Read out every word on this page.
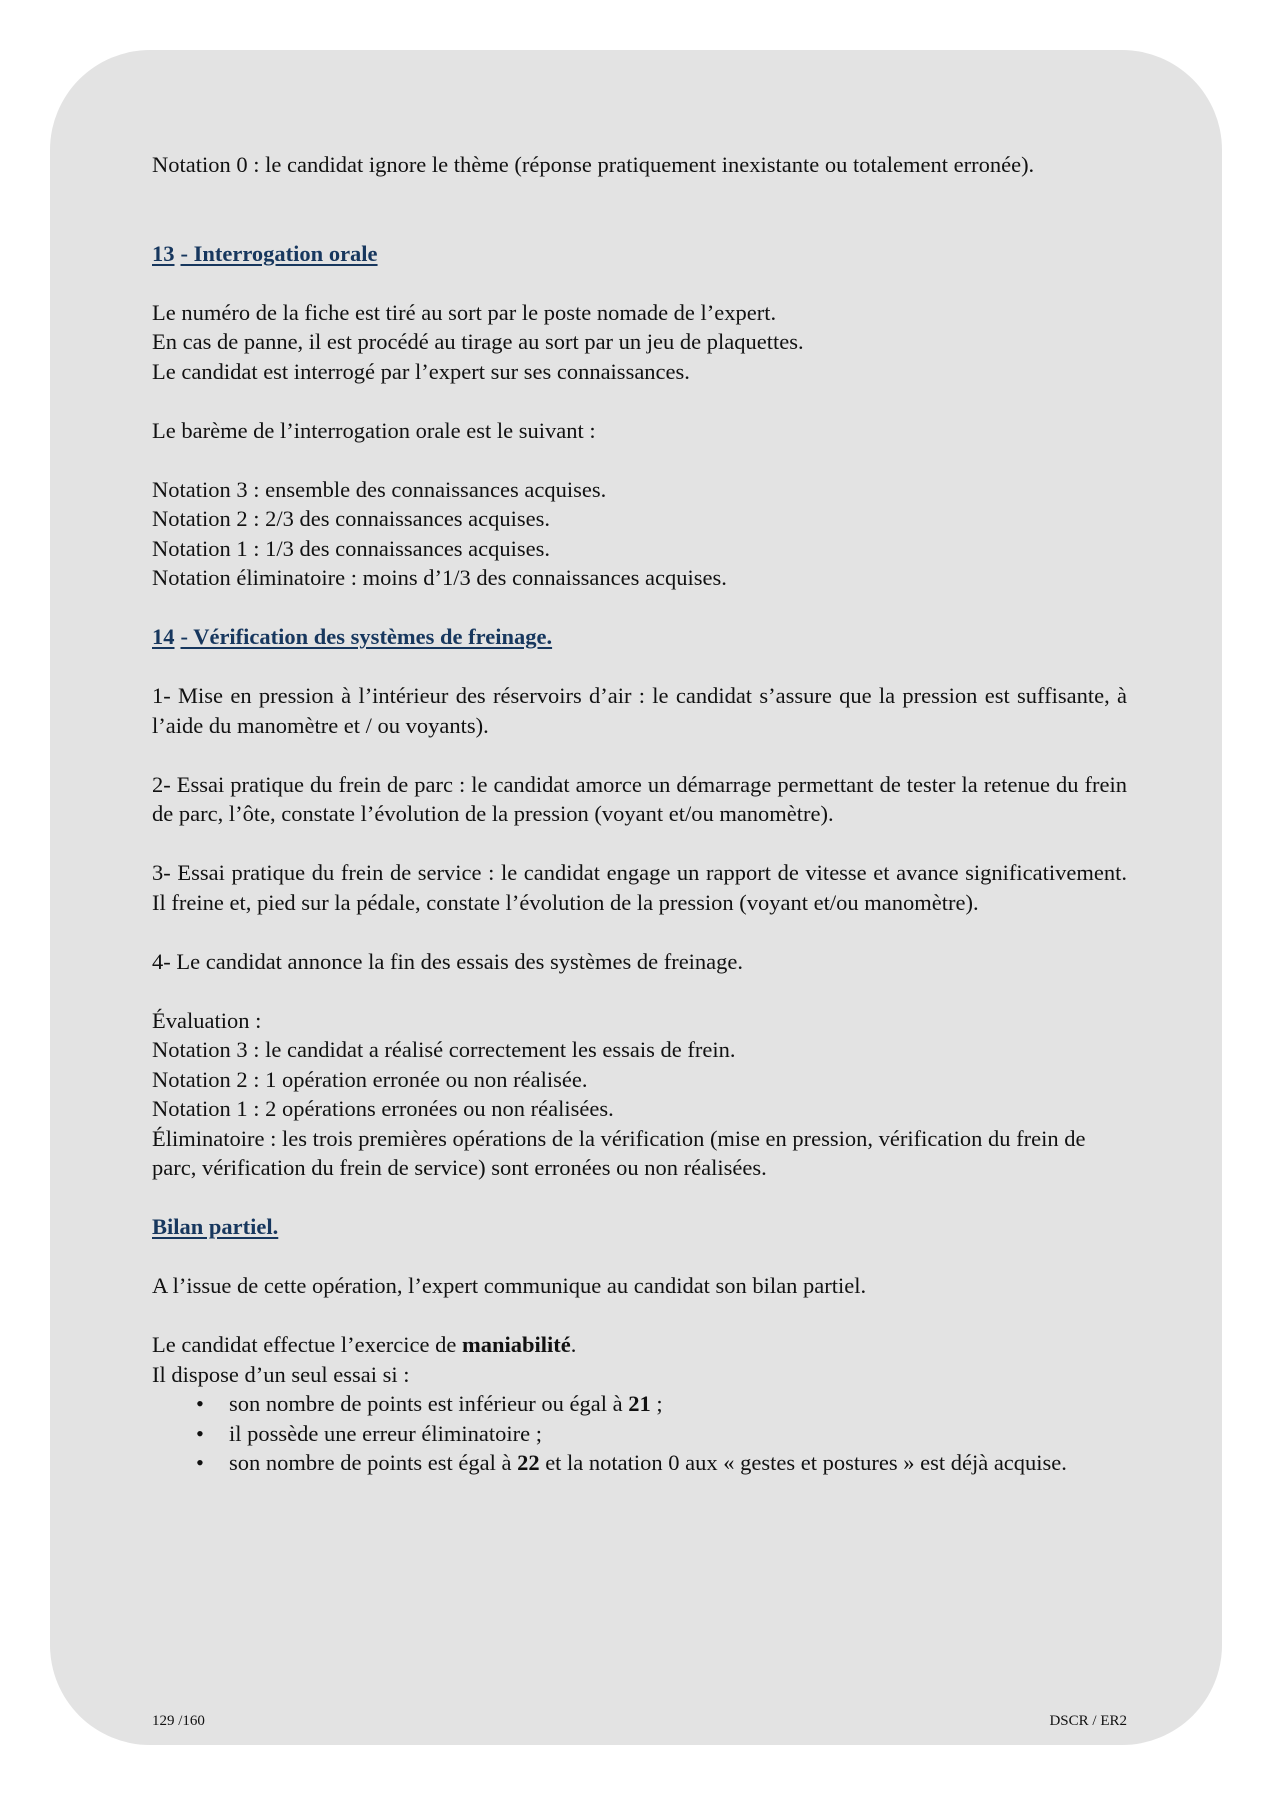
Notation 0 : le candidat ignore le thème (réponse pratiquement inexistante ou totalement erronée).

13 - Interrogation orale

Le numéro de la fiche est tiré au sort par le poste nomade de l’expert.

En cas de panne, il est procédé au tirage au sort par un jeu de plaquettes.

Le candidat est interrogé par l’expert sur ses connaissances.

Le barème de l’interrogation orale est le suivant :

Notation 3 : ensemble des connaissances acquises.

Notation 2 : 2/3 des connaissances acquises.

Notation 1 : 1/3 des connaissances acquises.

Notation éliminatoire : moins d’1/3 des connaissances acquises.

14 - Vérification des systèmes de freinage.

1- Mise en pression à l’intérieur des réservoirs d’air : le candidat s’assure que la pression est suffisante, à l’aide du manomètre et / ou voyants).

2- Essai pratique du frein de parc : le candidat amorce un démarrage permettant de tester la retenue du frein de parc, l’ôte, constate l’évolution de la pression (voyant et/ou manomètre).

3- Essai pratique du frein de service : le candidat engage un rapport de vitesse et avance significativement. Il freine et, pied sur la pédale, constate l’évolution de la pression (voyant et/ou manomètre).

4- Le candidat annonce la fin des essais des systèmes de freinage.

Évaluation :

Notation 3 : le candidat a réalisé correctement les essais de frein.

Notation 2 : 1 opération erronée ou non réalisée.

Notation 1 : 2 opérations erronées ou non réalisées.

Éliminatoire : les trois premières opérations de la vérification (mise en pression, vérification du frein de parc, vérification du frein de service) sont erronées ou non réalisées.

Bilan partiel.

A l’issue de cette opération, l’expert communique au candidat son bilan partiel.

Le candidat effectue l’exercice de maniabilité.

Il dispose d’un seul essai si :

• son nombre de points est inférieur ou égal à 21 ;
• il possède une erreur éliminatoire ;
• son nombre de points est égal à 22 et la notation 0 aux « gestes et postures » est déjà acquise.
129 /160	DSCR / ER2
